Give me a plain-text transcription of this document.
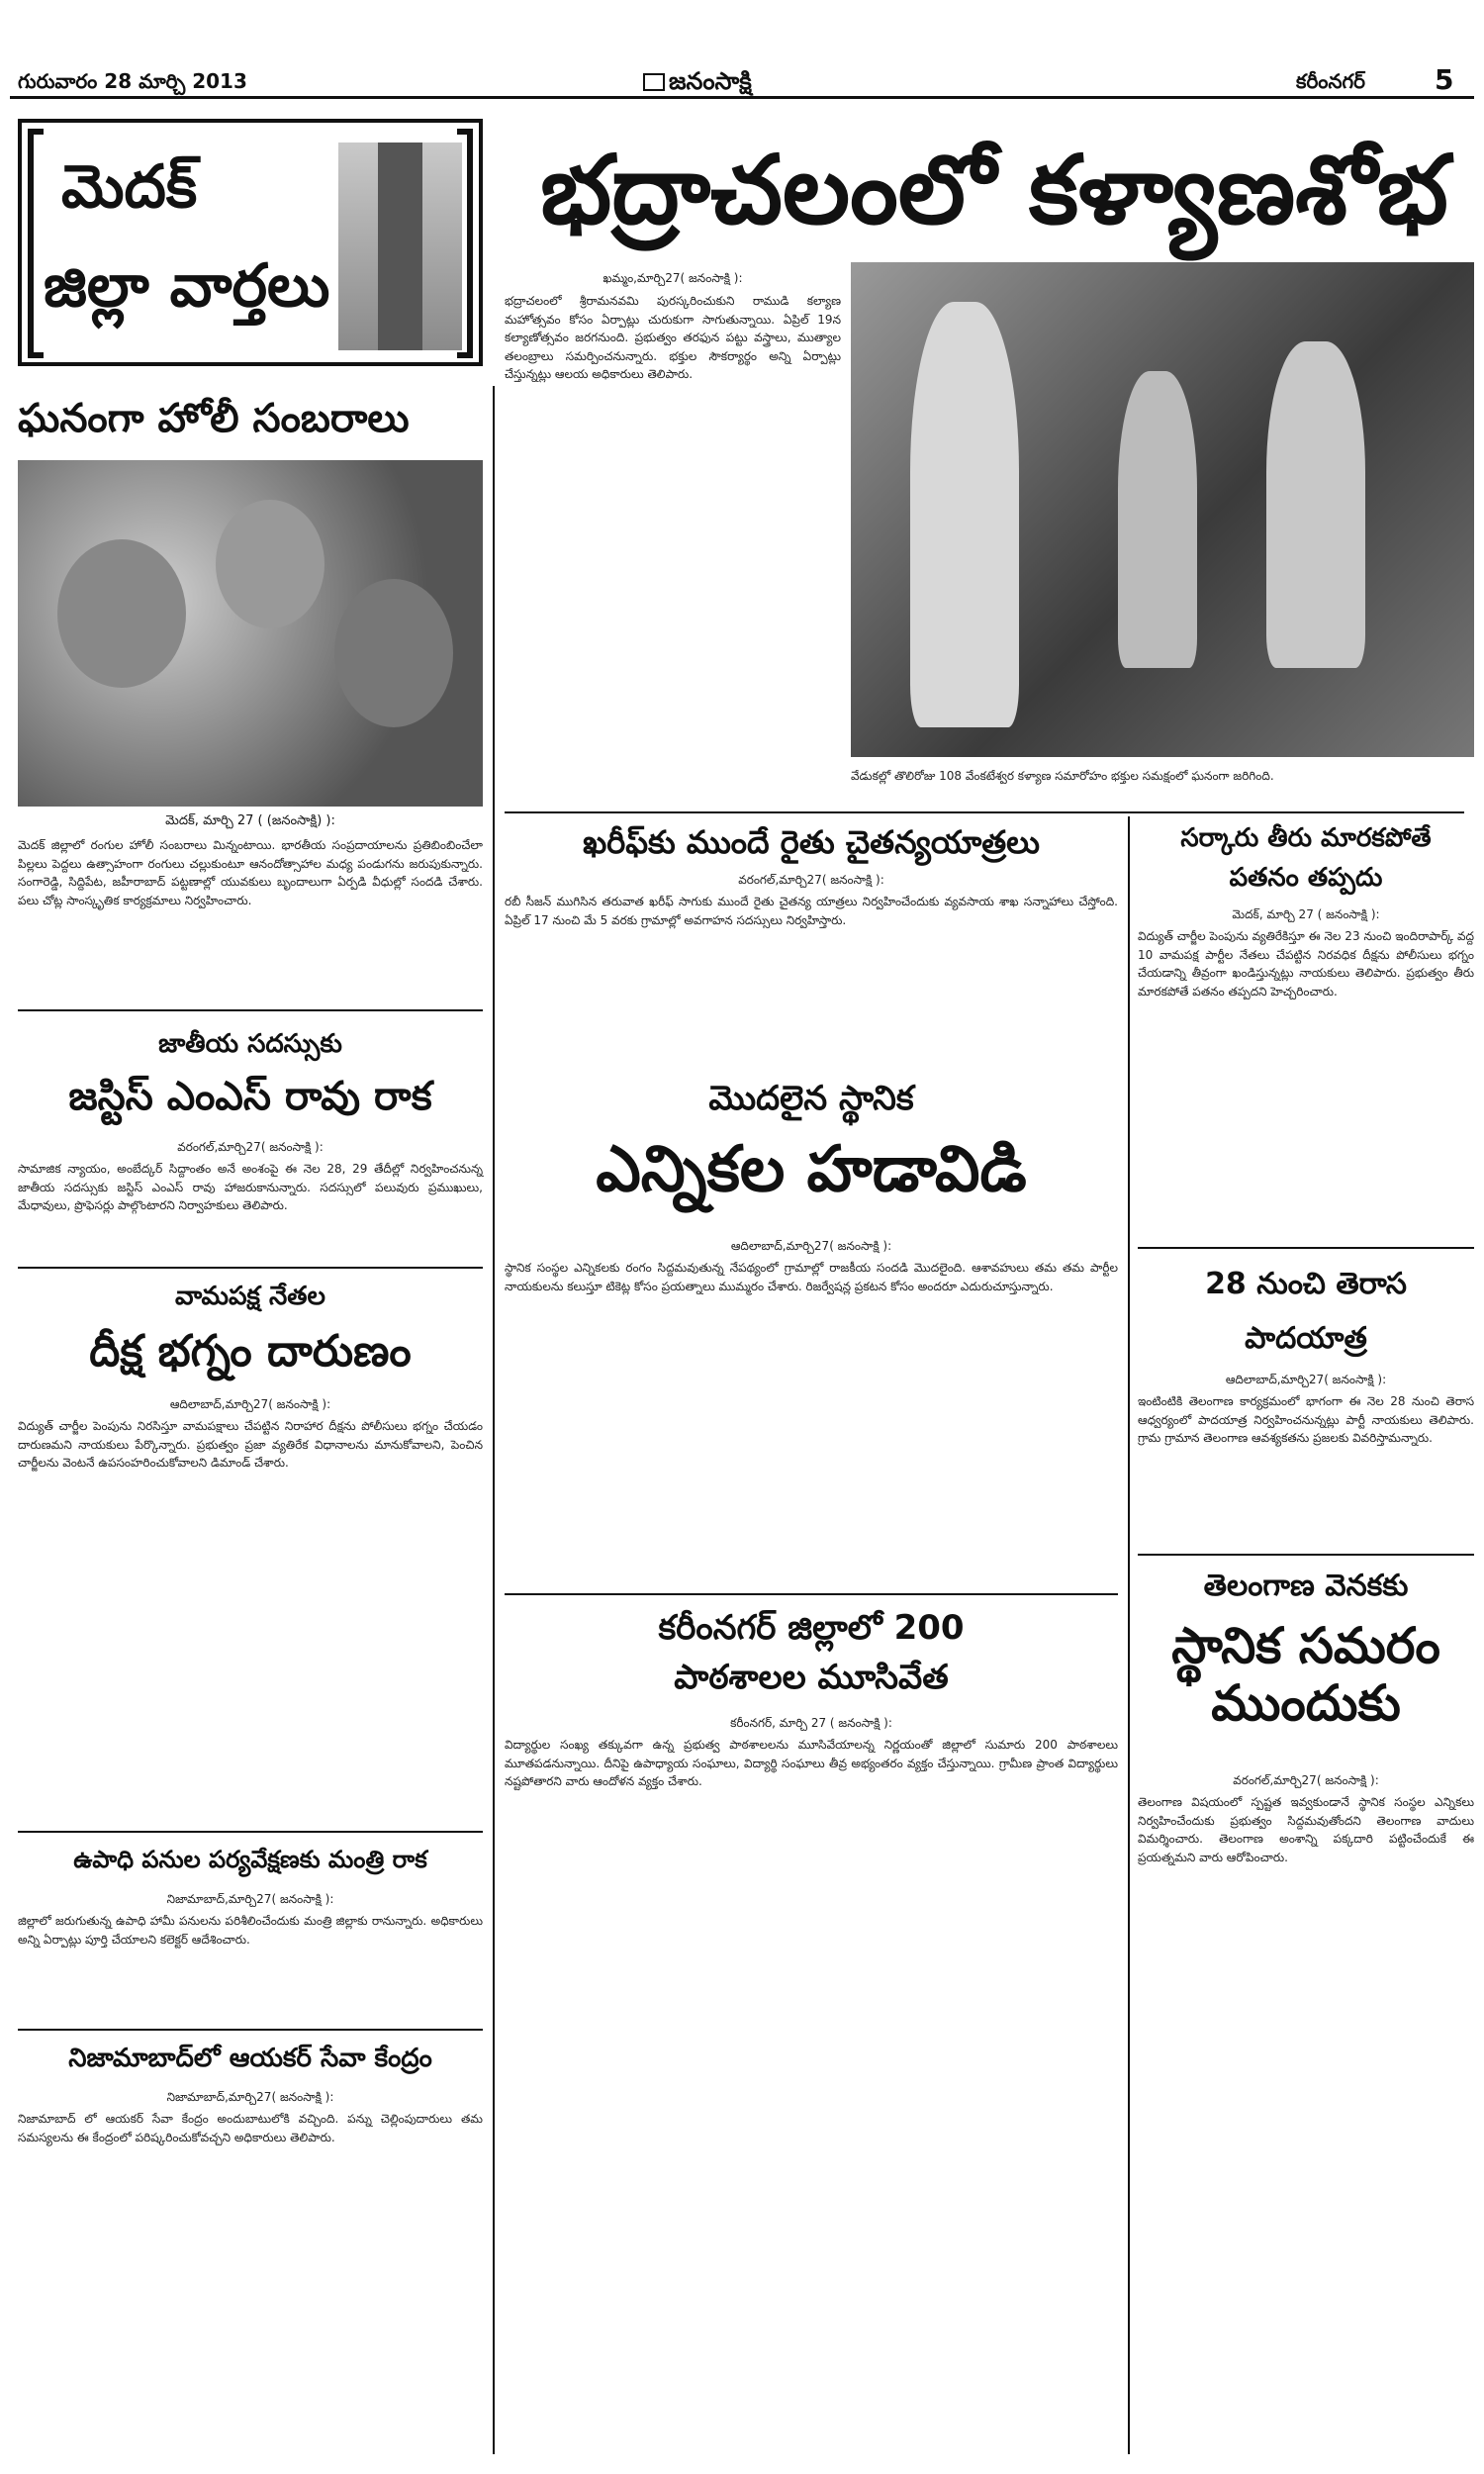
గురువారం 28 మార్చి 2013	జనంసాక్షి	కరీంనగర్	5
మెదక్
జిల్లా వార్తలు
భద్రాచలంలో కళ్యాణశోభ
ఘనంగా హోలీ సంబరాలు
మెదక్, మార్చి 27 ( (జనంసాక్షి) ):
మెదక్ జిల్లాలో రంగుల హోలీ సంబరాలు మిన్నంటాయి. భారతీయ సంప్రదాయాలను ప్రతిబింబించేలా పిల్లలు పెద్దలు ఉత్సాహంగా రంగులు చల్లుకుంటూ ఆనందోత్సాహాల మధ్య పండుగను జరుపుకున్నారు. సంగారెడ్డి, సిద్దిపేట, జహీరాబాద్ పట్టణాల్లో యువకులు బృందాలుగా ఏర్పడి వీధుల్లో సందడి చేశారు. పలు చోట్ల సాంస్కృతిక కార్యక్రమాలు నిర్వహించారు.
జాతీయ సదస్సుకు
జస్టిస్ ఎంఎస్ రావు రాక
వరంగల్,మార్చి27( జనంసాక్షి ):
సామాజిక న్యాయం, అంబేద్కర్ సిద్దాంతం అనే అంశంపై ఈ నెల 28, 29 తేదీల్లో నిర్వహించనున్న జాతీయ సదస్సుకు జస్టిస్ ఎంఎస్ రావు హాజరుకానున్నారు. సదస్సులో పలువురు ప్రముఖులు, మేధావులు, ప్రొఫెసర్లు పాల్గొంటారని నిర్వాహకులు తెలిపారు.
వామపక్ష నేతల
దీక్ష భగ్నం దారుణం
ఆదిలాబాద్,మార్చి27( జనంసాక్షి ):
విద్యుత్ చార్జీల పెంపును నిరసిస్తూ వామపక్షాలు చేపట్టిన నిరాహార దీక్షను పోలీసులు భగ్నం చేయడం దారుణమని నాయకులు పేర్కొన్నారు. ప్రభుత్వం ప్రజా వ్యతిరేక విధానాలను మానుకోవాలని, పెంచిన చార్జీలను వెంటనే ఉపసంహరించుకోవాలని డిమాండ్ చేశారు.
ఉపాధి పనుల పర్యవేక్షణకు మంత్రి రాక
నిజామాబాద్,మార్చి27( జనంసాక్షి ):
జిల్లాలో జరుగుతున్న ఉపాధి హామీ పనులను పరిశీలించేందుకు మంత్రి జిల్లాకు రానున్నారు. అధికారులు అన్ని ఏర్పాట్లు పూర్తి చేయాలని కలెక్టర్ ఆదేశించారు.
నిజామాబాద్‌లో ఆయకర్ సేవా కేంద్రం
నిజామాబాద్,మార్చి27( జనంసాక్షి ):
నిజామాబాద్ లో ఆయకర్ సేవా కేంద్రం అందుబాటులోకి వచ్చింది. పన్ను చెల్లింపుదారులు తమ సమస్యలను ఈ కేంద్రంలో పరిష్కరించుకోవచ్చని అధికారులు తెలిపారు.
ఖమ్మం,మార్చి27( జనంసాక్షి ):
భద్రాచలంలో శ్రీరామనవమి పురస్కరించుకుని రాముడి కల్యాణ మహోత్సవం కోసం ఏర్పాట్లు చురుకుగా సాగుతున్నాయి. ఏప్రిల్ 19న కల్యాణోత్సవం జరగనుంది. ప్రభుత్వం తరఫున పట్టు వస్త్రాలు, ముత్యాల తలంబ్రాలు సమర్పించనున్నారు. భక్తుల సౌకర్యార్థం అన్ని ఏర్పాట్లు చేస్తున్నట్లు ఆలయ అధికారులు తెలిపారు.
వేడుకల్లో తొలిరోజు 108 వేంకటేశ్వర కళ్యాణ సమారోహం భక్తుల సమక్షంలో ఘనంగా జరిగింది.
ఖరీఫ్‌కు ముందే రైతు చైతన్యయాత్రలు
వరంగల్,మార్చి27( జనంసాక్షి ):
రబీ సీజన్ ముగిసిన తరువాత ఖరీఫ్ సాగుకు ముందే రైతు చైతన్య యాత్రలు నిర్వహించేందుకు వ్యవసాయ శాఖ సన్నాహాలు చేస్తోంది. ఏప్రిల్ 17 నుంచి మే 5 వరకు గ్రామాల్లో అవగాహన సదస్సులు నిర్వహిస్తారు.
మొదలైన స్థానిక
ఎన్నికల హడావిడి
ఆదిలాబాద్,మార్చి27( జనంసాక్షి ):
స్థానిక సంస్థల ఎన్నికలకు రంగం సిద్దమవుతున్న నేపథ్యంలో గ్రామాల్లో రాజకీయ సందడి మొదలైంది. ఆశావహులు తమ తమ పార్టీల నాయకులను కలుస్తూ టికెట్ల కోసం ప్రయత్నాలు ముమ్మరం చేశారు. రిజర్వేషన్ల ప్రకటన కోసం అందరూ ఎదురుచూస్తున్నారు.
కరీంనగర్ జిల్లాలో 200
పాఠశాలల మూసివేత
కరీంనగర్, మార్చి 27 ( జనంసాక్షి ):
విద్యార్థుల సంఖ్య తక్కువగా ఉన్న ప్రభుత్వ పాఠశాలలను మూసివేయాలన్న నిర్ణయంతో జిల్లాలో సుమారు 200 పాఠశాలలు మూతపడనున్నాయి. దీనిపై ఉపాధ్యాయ సంఘాలు, విద్యార్థి సంఘాలు తీవ్ర అభ్యంతరం వ్యక్తం చేస్తున్నాయి. గ్రామీణ ప్రాంత విద్యార్థులు నష్టపోతారని వారు ఆందోళన వ్యక్తం చేశారు.
సర్కారు తీరు మారకపోతే
పతనం తప్పదు
మెదక్, మార్చి 27 ( జనంసాక్షి ):
విద్యుత్ చార్జీల పెంపును వ్యతిరేకిస్తూ ఈ నెల 23 నుంచి ఇందిరాపార్క్ వద్ద 10 వామపక్ష పార్టీల నేతలు చేపట్టిన నిరవధిక దీక్షను పోలీసులు భగ్నం చేయడాన్ని తీవ్రంగా ఖండిస్తున్నట్లు నాయకులు తెలిపారు. ప్రభుత్వం తీరు మారకపోతే పతనం తప్పదని హెచ్చరించారు.
28 నుంచి తెరాస
పాదయాత్ర
ఆదిలాబాద్,మార్చి27( జనంసాక్షి ):
ఇంటింటికి తెలంగాణ కార్యక్రమంలో భాగంగా ఈ నెల 28 నుంచి తెరాస ఆధ్వర్యంలో పాదయాత్ర నిర్వహించనున్నట్లు పార్టీ నాయకులు తెలిపారు. గ్రామ గ్రామాన తెలంగాణ ఆవశ్యకతను ప్రజలకు వివరిస్తామన్నారు.
తెలంగాణ వెనకకు
స్థానిక సమరం ముందుకు
వరంగల్,మార్చి27( జనంసాక్షి ):
తెలంగాణ విషయంలో స్పష్టత ఇవ్వకుండానే స్థానిక సంస్థల ఎన్నికలు నిర్వహించేందుకు ప్రభుత్వం సిద్దమవుతోందని తెలంగాణ వాదులు విమర్శించారు. తెలంగాణ అంశాన్ని పక్కదారి పట్టించేందుకే ఈ ప్రయత్నమని వారు ఆరోపించారు.
